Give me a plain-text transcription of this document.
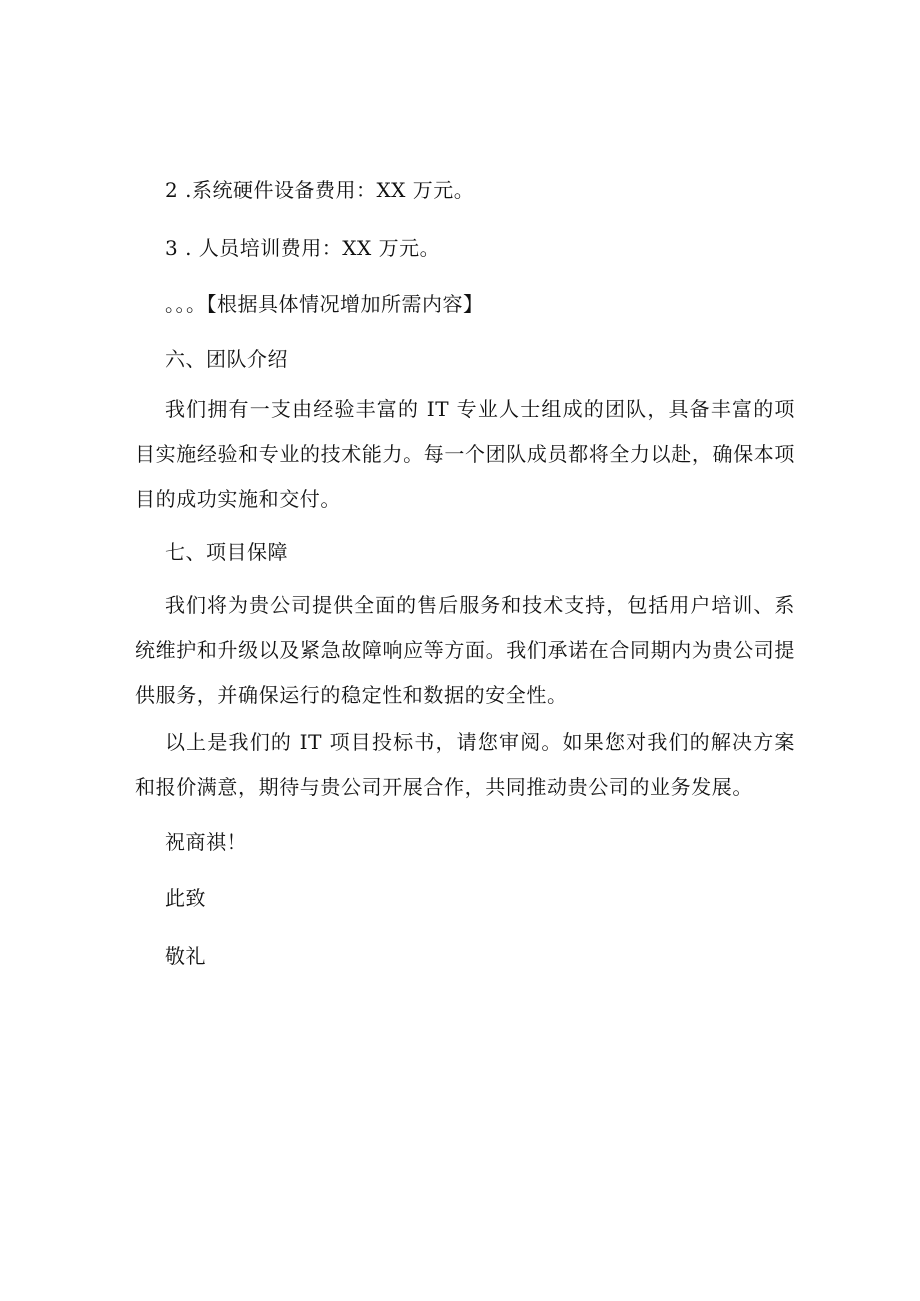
2 .系统硬件设备费用：XX 万元。
3 . 人员培训费用：XX 万元。
。。。【根据具体情况增加所需内容】
六、团队介绍
我们拥有一支由经验丰富的 IT 专业人士组成的团队，具备丰富的项目实施经验和专业的技术能力。每一个团队成员都将全力以赴，确保本项目的成功实施和交付。
七、项目保障
我们将为贵公司提供全面的售后服务和技术支持，包括用户培训、系统维护和升级以及紧急故障响应等方面。我们承诺在合同期内为贵公司提供服务，并确保运行的稳定性和数据的安全性。
以上是我们的 IT 项目投标书，请您审阅。如果您对我们的解决方案和报价满意，期待与贵公司开展合作，共同推动贵公司的业务发展。
祝商祺！
此致
敬礼
